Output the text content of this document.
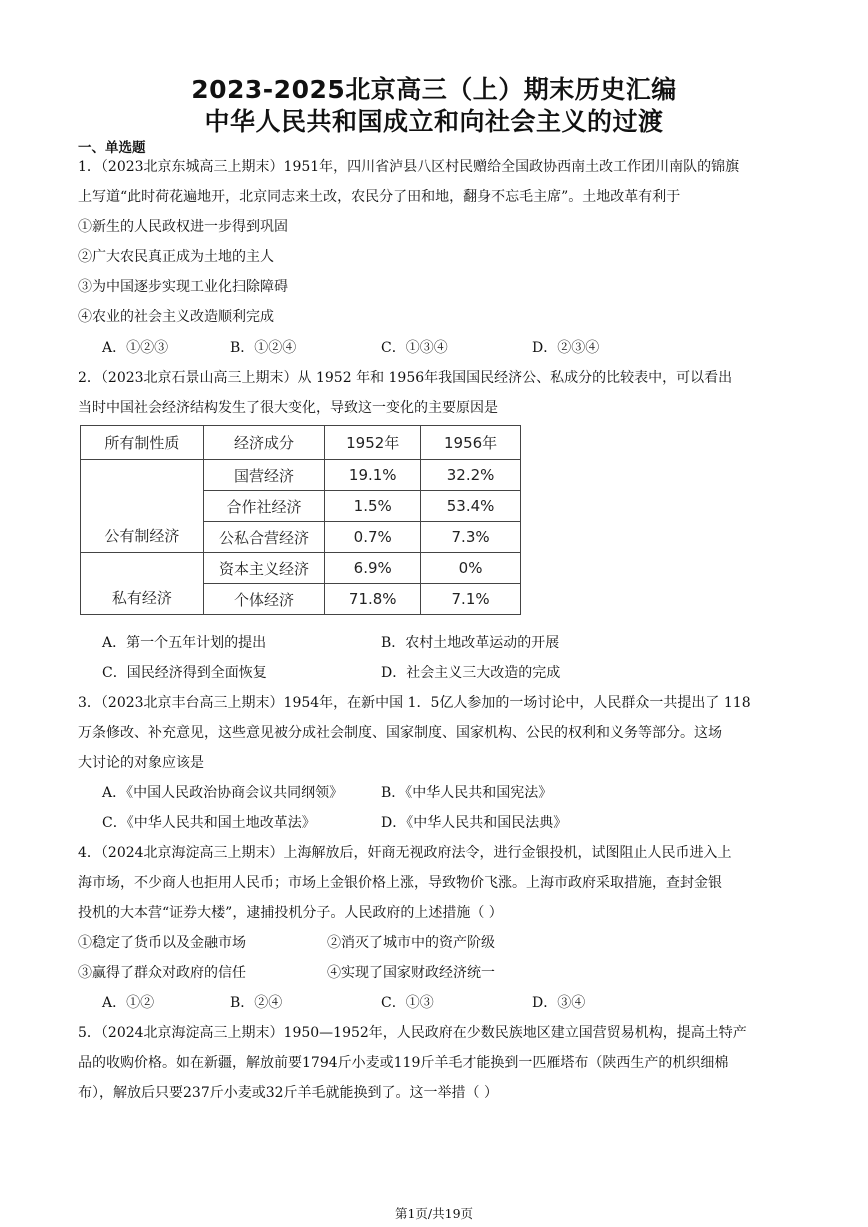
2023-2025北京高三（上）期末历史汇编
中华人民共和国成立和向社会主义的过渡
一、单选题
1．（2023北京东城高三上期末）1951年，四川省泸县八区村民赠给全国政协西南土改工作团川南队的锦旗
上写道“此时荷花遍地开，北京同志来土改，农民分了田和地，翻身不忘毛主席”。土地改革有利于
①新生的人民政权进一步得到巩固
②广大农民真正成为土地的主人
③为中国逐步实现工业化扫除障碍
④农业的社会主义改造顺利完成
A．①②③	B．①②④	C．①③④	D．②③④
2．（2023北京石景山高三上期末）从 1952 年和 1956年我国国民经济公、私成分的比较表中，可以看出
当时中国社会经济结构发生了很大变化，导致这一变化的主要原因是
所有制性质	经济成分	1952年	1956年
公有制经济	国营经济	19.1%	32.2%
	合作社经济	1.5%	53.4%
	公私合营经济	0.7%	7.3%
私有经济	资本主义经济	6.9%	0%
	个体经济	71.8%	7.1%
A．第一个五年计划的提出	B．农村土地改革运动的开展
C．国民经济得到全面恢复	D．社会主义三大改造的完成
3．（2023北京丰台高三上期末）1954年，在新中国 1．5亿人参加的一场讨论中，人民群众一共提出了 118
万条修改、补充意见，这些意见被分成社会制度、国家制度、国家机构、公民的权利和义务等部分。这场
大讨论的对象应该是
A．《中国人民政治协商会议共同纲领》	B．《中华人民共和国宪法》
C．《中华人民共和国土地改革法》	D．《中华人民共和国民法典》
4．（2024北京海淀高三上期末）上海解放后，奸商无视政府法令，进行金银投机，试图阻止人民币进入上
海市场，不少商人也拒用人民币；市场上金银价格上涨，导致物价飞涨。上海市政府采取措施，查封金银
投机的大本营“证券大楼”，逮捕投机分子。人民政府的上述措施（ ）
①稳定了货币以及金融市场	②消灭了城市中的资产阶级
③赢得了群众对政府的信任	④实现了国家财政经济统一
A．①②	B．②④	C．①③	D．③④
5．（2024北京海淀高三上期末）1950—1952年，人民政府在少数民族地区建立国营贸易机构，提高土特产
品的收购价格。如在新疆，解放前要1794斤小麦或119斤羊毛才能换到一匹雁塔布（陕西生产的机织细棉
布），解放后只要237斤小麦或32斤羊毛就能换到了。这一举措（ ）
第1页/共19页
